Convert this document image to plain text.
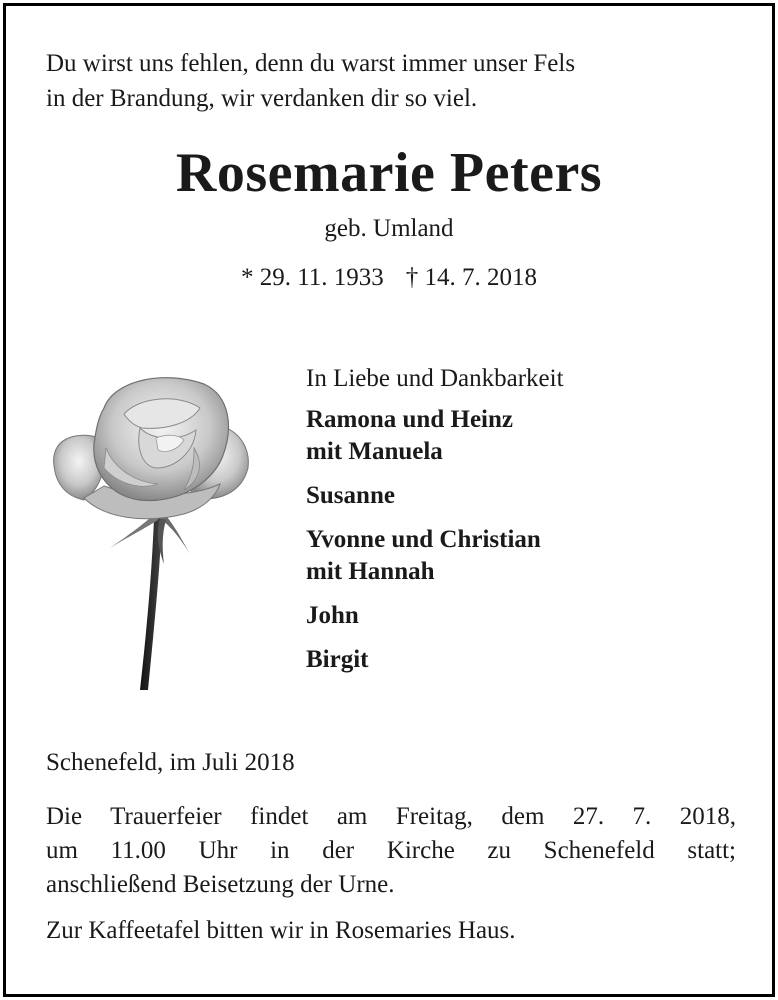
Du wirst uns fehlen, denn du warst immer unser Fels
in der Brandung, wir verdanken dir so viel.

Rosemarie Peters
geb. Umland
* 29. 11. 1933 † 14. 7. 2018
In Liebe und Dankbarkeit
Ramona und Heinz
mit Manuela
Susanne
Yvonne und Christian
mit Hannah
John
Birgit
Schenefeld, im Juli 2018
Die Trauerfeier findet am Freitag, dem 27. 7. 2018,
um 11.00 Uhr in der Kirche zu Schenefeld statt;
anschließend Beisetzung der Urne.
Zur Kaffeetafel bitten wir in Rosemaries Haus.
